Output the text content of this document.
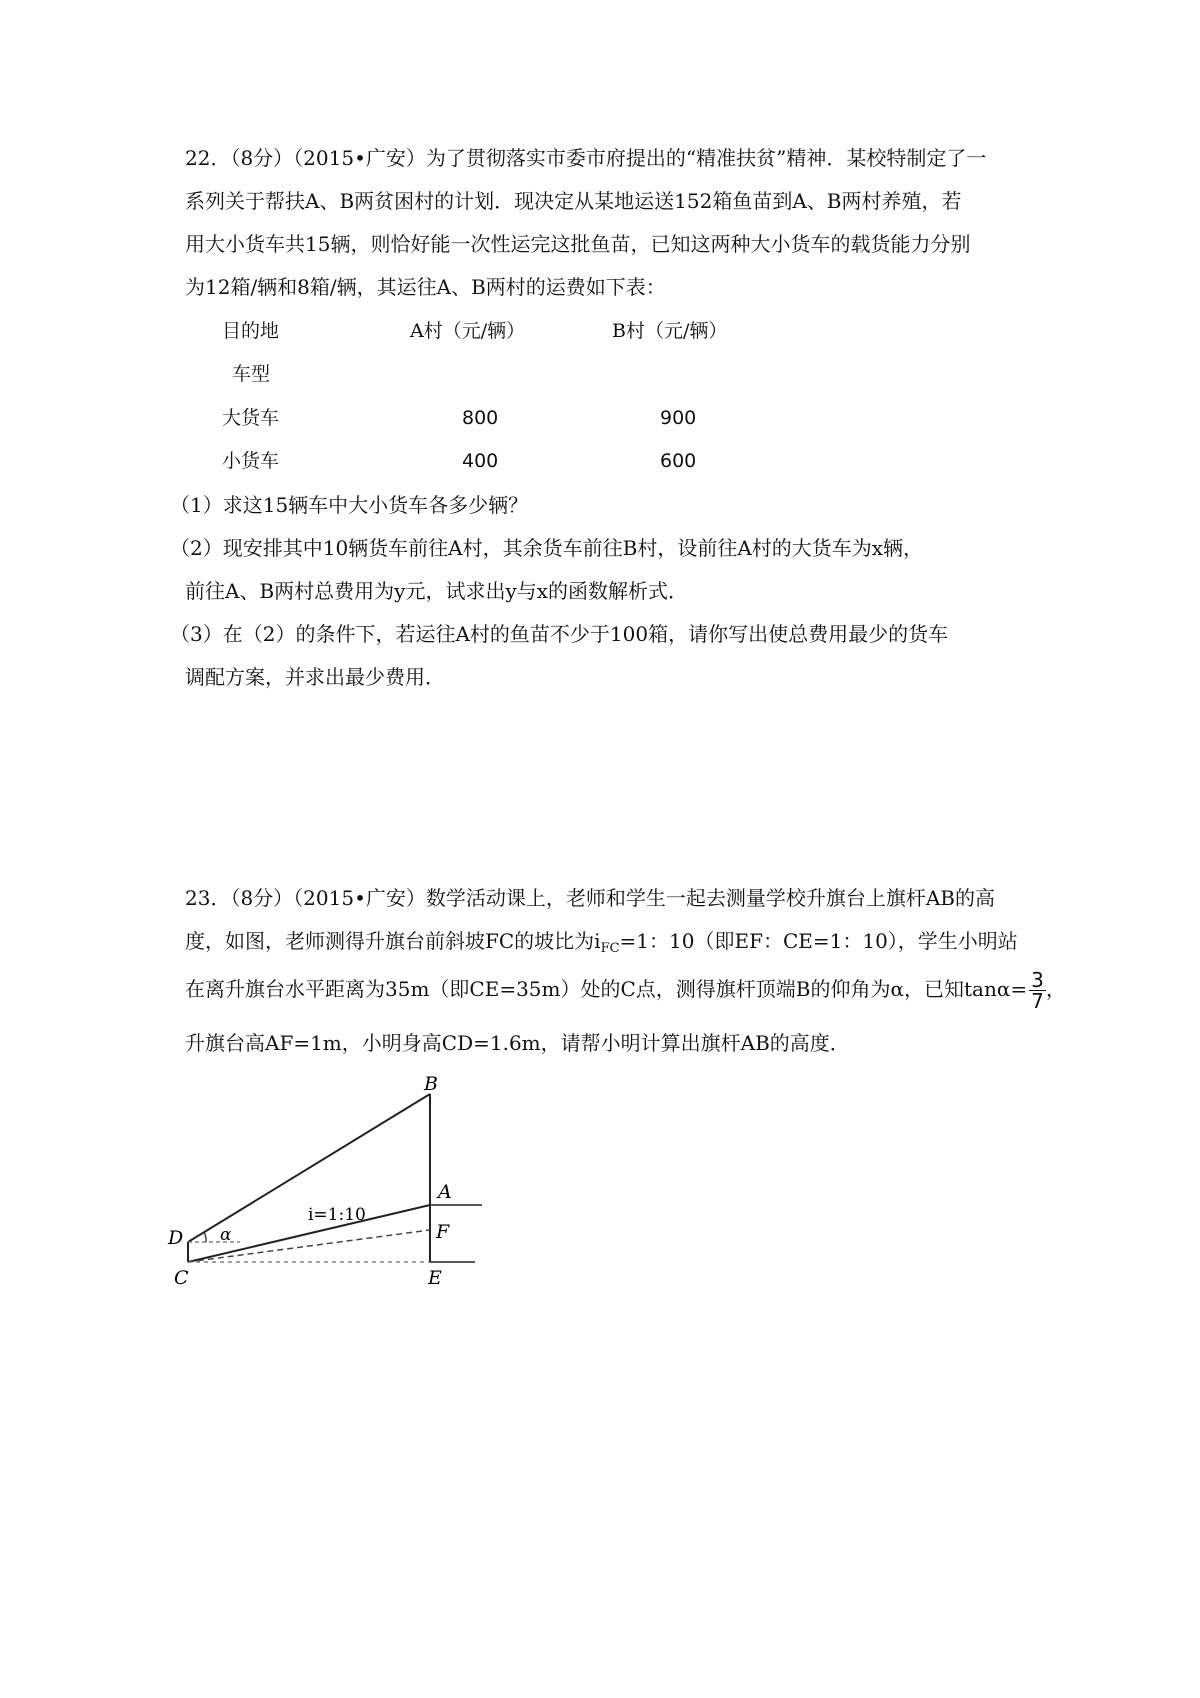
22．（8分）（2015•广安）为了贯彻落实市委市府提出的“精准扶贫”精神．某校特制定了一
系列关于帮扶A、B两贫困村的计划．现决定从某地运送152箱鱼苗到A、B两村养殖，若
用大小货车共15辆，则恰好能一次性运完这批鱼苗，已知这两种大小货车的载货能力分别
为12箱/辆和8箱/辆，其运往A、B两村的运费如下表：
目的地	A村（元/辆）	B村（元/辆）
车型
大货车	800	900
小货车	400	600
（1）求这15辆车中大小货车各多少辆？
（2）现安排其中10辆货车前往A村，其余货车前往B村，设前往A村的大货车为x辆，
前往A、B两村总费用为y元，试求出y与x的函数解析式．
（3）在（2）的条件下，若运往A村的鱼苗不少于100箱，请你写出使总费用最少的货车
调配方案，并求出最少费用．
23．（8分）（2015•广安）数学活动课上，老师和学生一起去测量学校升旗台上旗杆AB的高
度，如图，老师测得升旗台前斜坡FC的坡比为$i_{FC}=1$：10（即EF：CE=1：10），学生小明站
在离升旗台水平距离为35m（即CE=35m）处的C点，测得旗杆顶端B的仰角为α，已知$\tan\alpha= \frac{3}{7}$ ，
升旗台高AF=1m，小明身高CD=1.6m，请帮小明计算出旗杆AB的高度．
B
A
F
E
D
C
α
i=1:10
